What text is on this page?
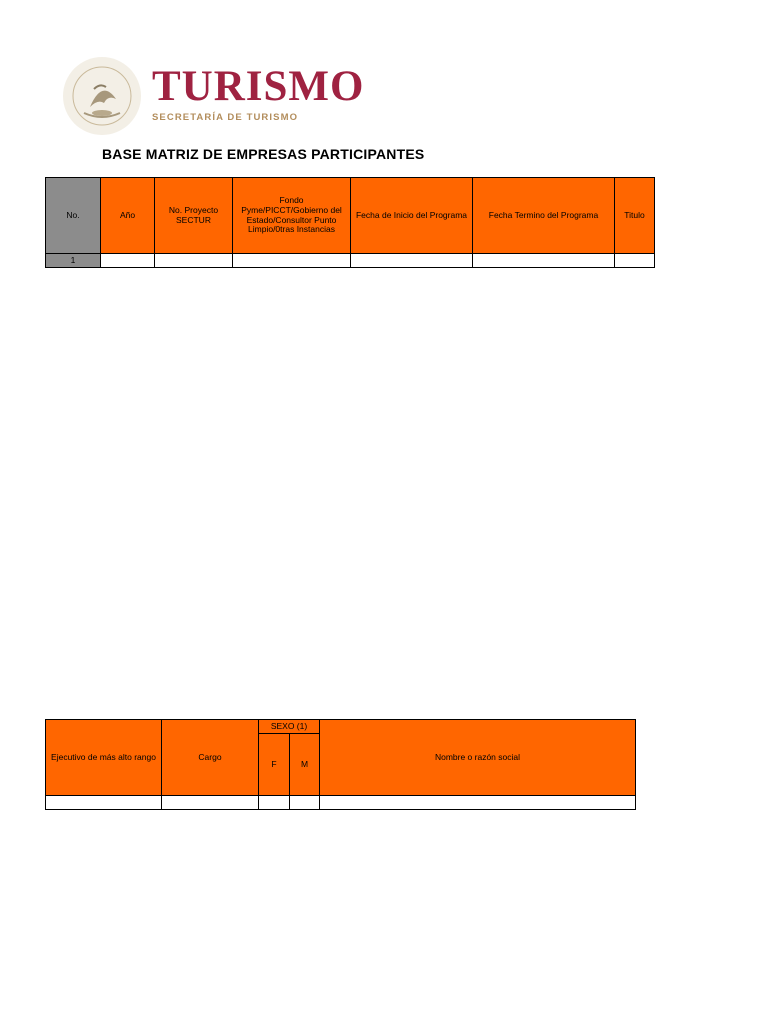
TURISMO
SECRETARÍA DE TURISMO
BASE MATRIZ DE EMPRESAS PARTICIPANTES
No.	Año	No. Proyecto SECTUR	Fondo Pyme/PICCT/Gobierno del Estado/Consultor Punto Limpio/0tras Instancias	Fecha de Inicio del Programa	Fecha Termino del Programa	Titulo
1						
Ejecutivo de más alto rango	Cargo	SEXO (1)		Nombre o razón social
		F	M	
